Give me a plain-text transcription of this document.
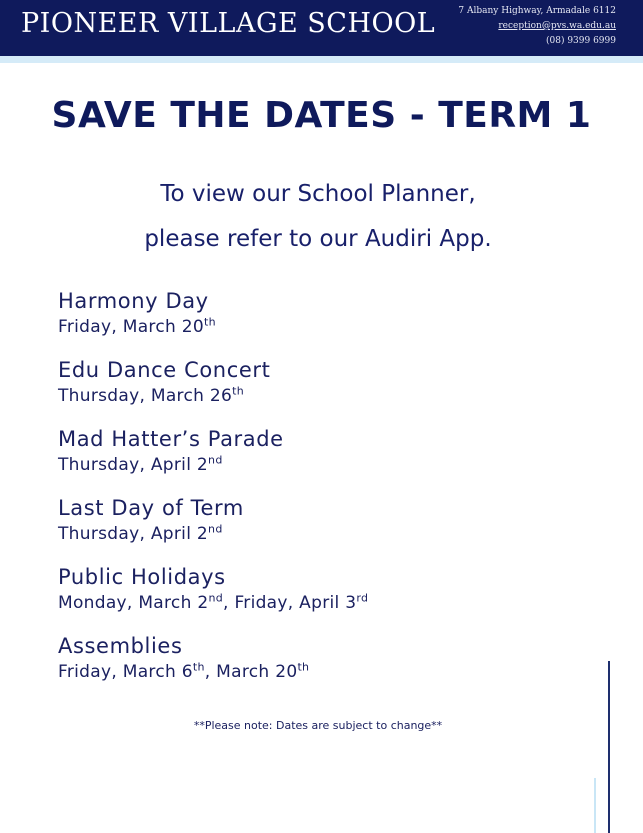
PIONEER VILLAGE SCHOOL	7 Albany Highway, Armadale 6112
reception@pvs.wa.edu.au
(08) 9399 6999
SAVE THE DATES - TERM 1
To view our School Planner,
please refer to our Audiri App.
Harmony Day
Friday, March 20th
Edu Dance Concert
Thursday, March 26th
Mad Hatter’s Parade
Thursday, April 2nd
Last Day of Term
Thursday, April 2nd
Public Holidays
Monday, March 2nd, Friday, April 3rd
Assemblies
Friday, March 6th, March 20th
**Please note: Dates are subject to change**
